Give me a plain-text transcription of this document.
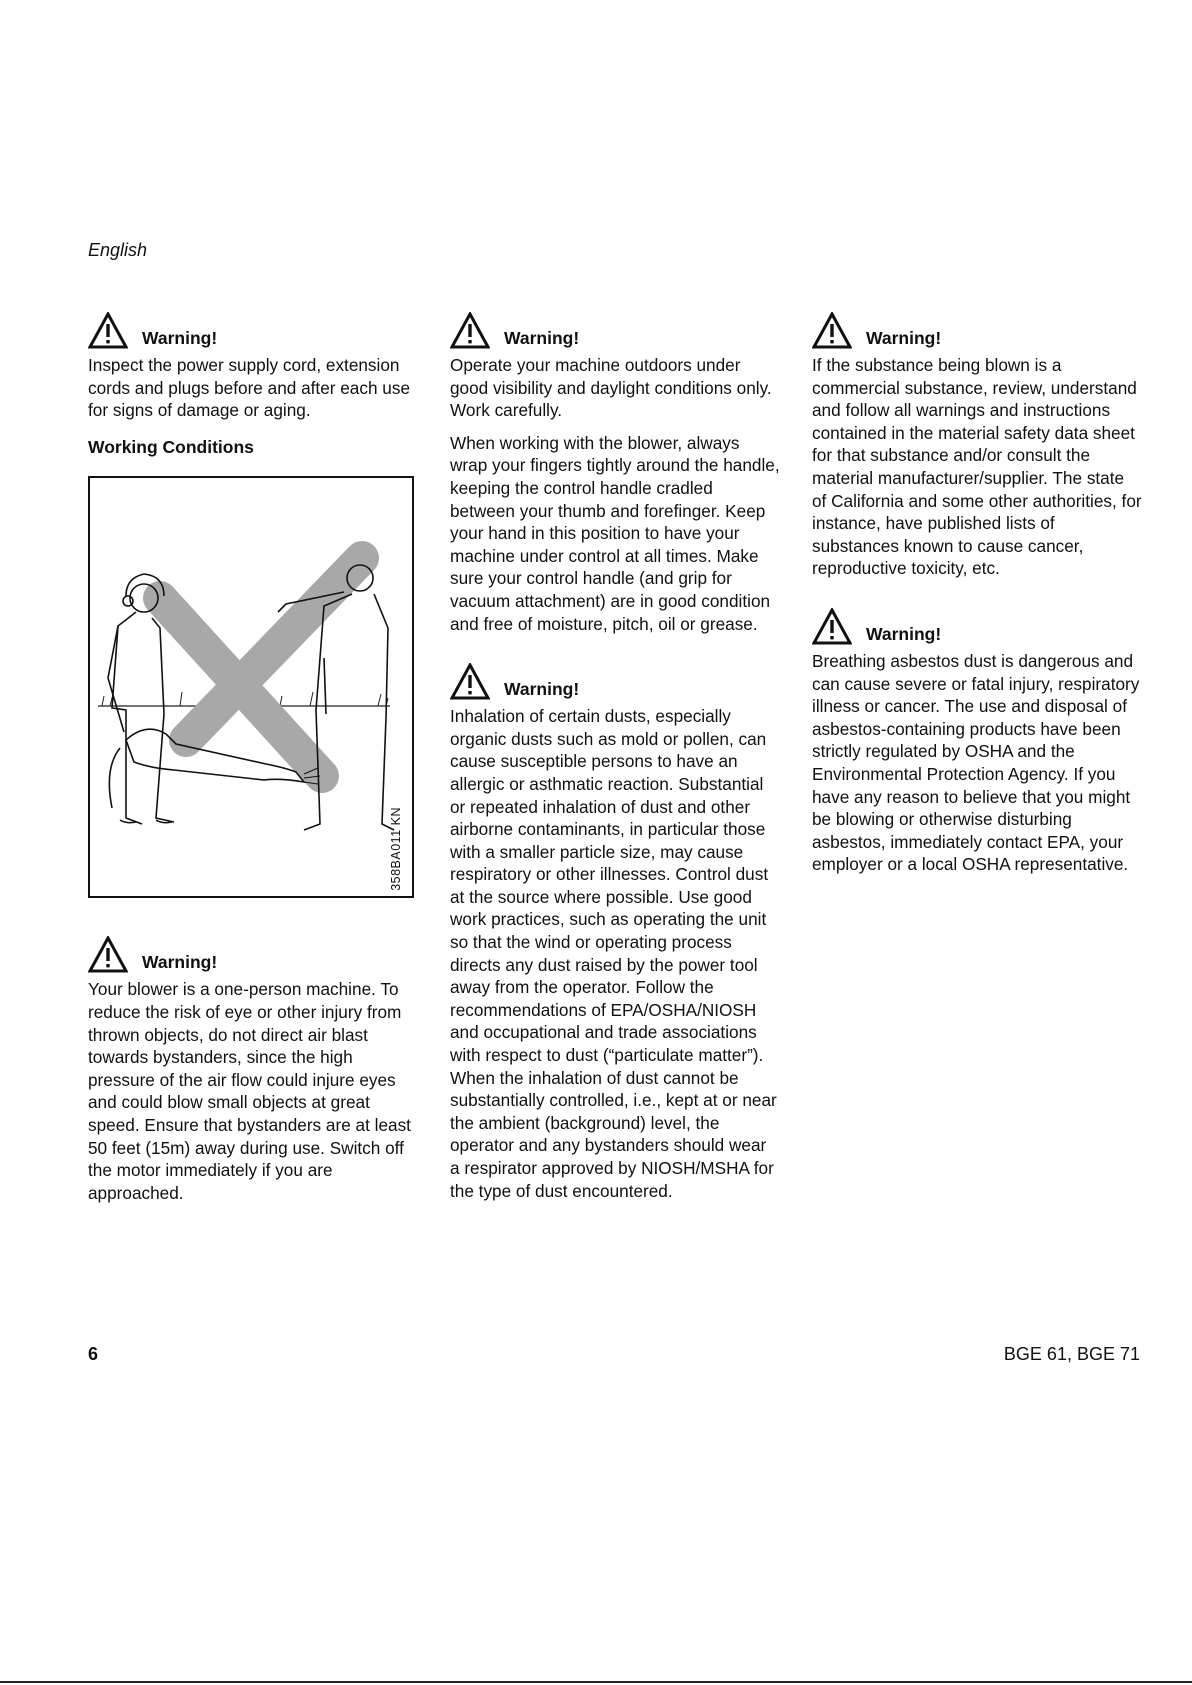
English
Warning!

Inspect the power supply cord, extension cords and plugs before and after each use for signs of damage or aging.

Working Conditions
358BA011 KN
Warning!

Your blower is a one-person machine. To reduce the risk of eye or other injury from thrown objects, do not direct air blast towards bystanders, since the high pressure of the air flow could injure eyes and could blow small objects at great speed. Ensure that bystanders are at least 50 feet (15m) away during use. Switch off the motor immediately if you are approached.

Warning!

Operate your machine outdoors under good visibility and daylight conditions only. Work carefully.

When working with the blower, always wrap your fingers tightly around the handle, keeping the control handle cradled between your thumb and forefinger. Keep your hand in this position to have your machine under control at all times. Make sure your control handle (and grip for vacuum attachment) are in good condition and free of moisture, pitch, oil or grease.

Warning!

Inhalation of certain dusts, especially organic dusts such as mold or pollen, can cause susceptible persons to have an allergic or asthmatic reaction. Substantial or repeated inhalation of dust and other airborne contaminants, in particular those with a smaller particle size, may cause respiratory or other illnesses. Control dust at the source where possible. Use good work practices, such as operating the unit so that the wind or operating process directs any dust raised by the power tool away from the operator. Follow the recommendations of EPA/OSHA/NIOSH and occupational and trade associations with respect to dust (“particulate matter”). When the inhalation of dust cannot be substantially controlled, i.e., kept at or near the ambient (background) level, the operator and any bystanders should wear a respirator approved by NIOSH/MSHA for the type of dust encountered.

Warning!

If the substance being blown is a commercial substance, review, understand and follow all warnings and instructions contained in the material safety data sheet for that substance and/or consult the material manufacturer/supplier. The state of California and some other authorities, for instance, have published lists of substances known to cause cancer, reproductive toxicity, etc.

Warning!

Breathing asbestos dust is dangerous and can cause severe or fatal injury, respiratory illness or cancer. The use and disposal of asbestos-containing products have been strictly regulated by OSHA and the Environmental Protection Agency. If you have any reason to believe that you might be blowing or otherwise disturbing asbestos, immediately contact EPA, your employer or a local OSHA representative.

6	BGE 61, BGE 71
